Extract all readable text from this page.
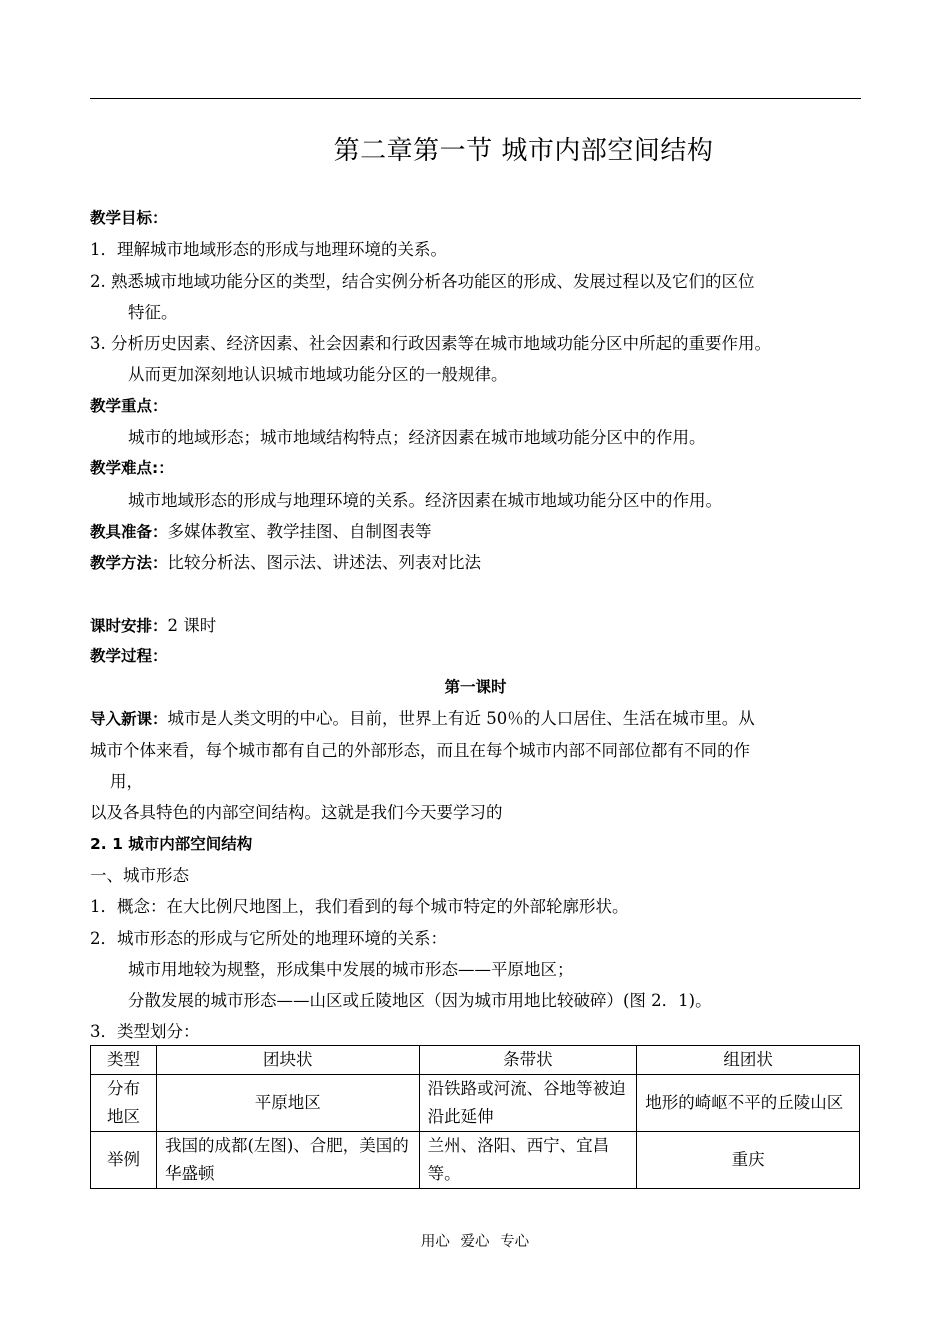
第二章第一节 城市内部空间结构
教学目标：
1．理解城市地域形态的形成与地理环境的关系。
2. 熟悉城市地域功能分区的类型，结合实例分析各功能区的形成、发展过程以及它们的区位
特征。
3. 分析历史因素、经济因素、社会因素和行政因素等在城市地域功能分区中所起的重要作用。
从而更加深刻地认识城市地域功能分区的一般规律。
教学重点：
城市的地域形态；城市地域结构特点；经济因素在城市地域功能分区中的作用。
教学难点:：
城市地域形态的形成与地理环境的关系。经济因素在城市地域功能分区中的作用。
教具准备：多媒体教室、教学挂图、自制图表等
教学方法：比较分析法、图示法、讲述法、列表对比法
课时安排：2 课时
教学过程：
第一课时
导入新课：城市是人类文明的中心。目前，世界上有近 50％的人口居住、生活在城市里。从
城市个体来看，每个城市都有自己的外部形态，而且在每个城市内部不同部位都有不同的作
用，
以及各具特色的内部空间结构。这就是我们今天要学习的
2. 1 城市内部空间结构
一、城市形态
1．概念：在大比例尺地图上，我们看到的每个城市特定的外部轮廓形状。
2．城市形态的形成与它所处的地理环境的关系：
城市用地较为规整，形成集中发展的城市形态——平原地区；
分散发展的城市形态——山区或丘陵地区（因为城市用地比较破碎）(图 2．1)。
3．类型划分：
类型	团块状	条带状	组团状
分布地区	平原地区	沿铁路或河流、谷地等被迫沿此延伸	地形的崎岖不平的丘陵山区
举例	我国的成都(左图)、合肥，美国的华盛顿	兰州、洛阳、西宁、宜昌等。	重庆
用心 爱心 专心
